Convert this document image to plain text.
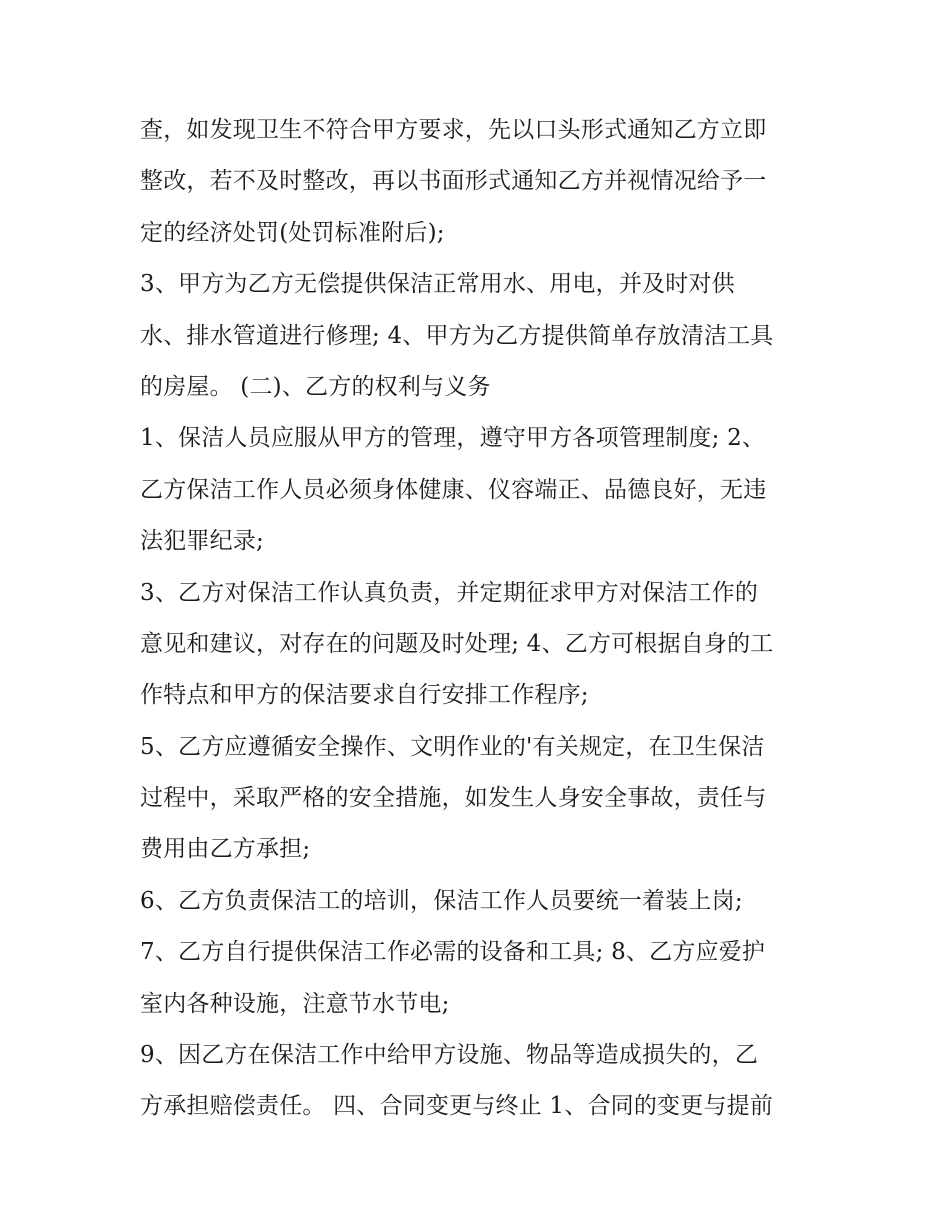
查，如发现卫生不符合甲方要求，先以口头形式通知乙方立即
整改，若不及时整改，再以书面形式通知乙方并视情况给予一
定的经济处罚(处罚标准附后);
3、甲方为乙方无偿提供保洁正常用水、用电，并及时对供
水、排水管道进行修理; 4、甲方为乙方提供简单存放清洁工具
的房屋。 (二)、乙方的权利与义务
1、保洁人员应服从甲方的管理，遵守甲方各项管理制度; 2、
乙方保洁工作人员必须身体健康、仪容端正、品德良好，无违
法犯罪纪录;
3、乙方对保洁工作认真负责，并定期征求甲方对保洁工作的
意见和建议，对存在的问题及时处理; 4、乙方可根据自身的工
作特点和甲方的保洁要求自行安排工作程序;
5、乙方应遵循安全操作、文明作业的'有关规定，在卫生保洁
过程中，采取严格的安全措施，如发生人身安全事故，责任与
费用由乙方承担;
6、乙方负责保洁工的培训，保洁工作人员要统一着装上岗;
7、乙方自行提供保洁工作必需的设备和工具; 8、乙方应爱护
室内各种设施，注意节水节电;
9、因乙方在保洁工作中给甲方设施、物品等造成损失的，乙
方承担赔偿责任。 四、合同变更与终止 1、合同的变更与提前
